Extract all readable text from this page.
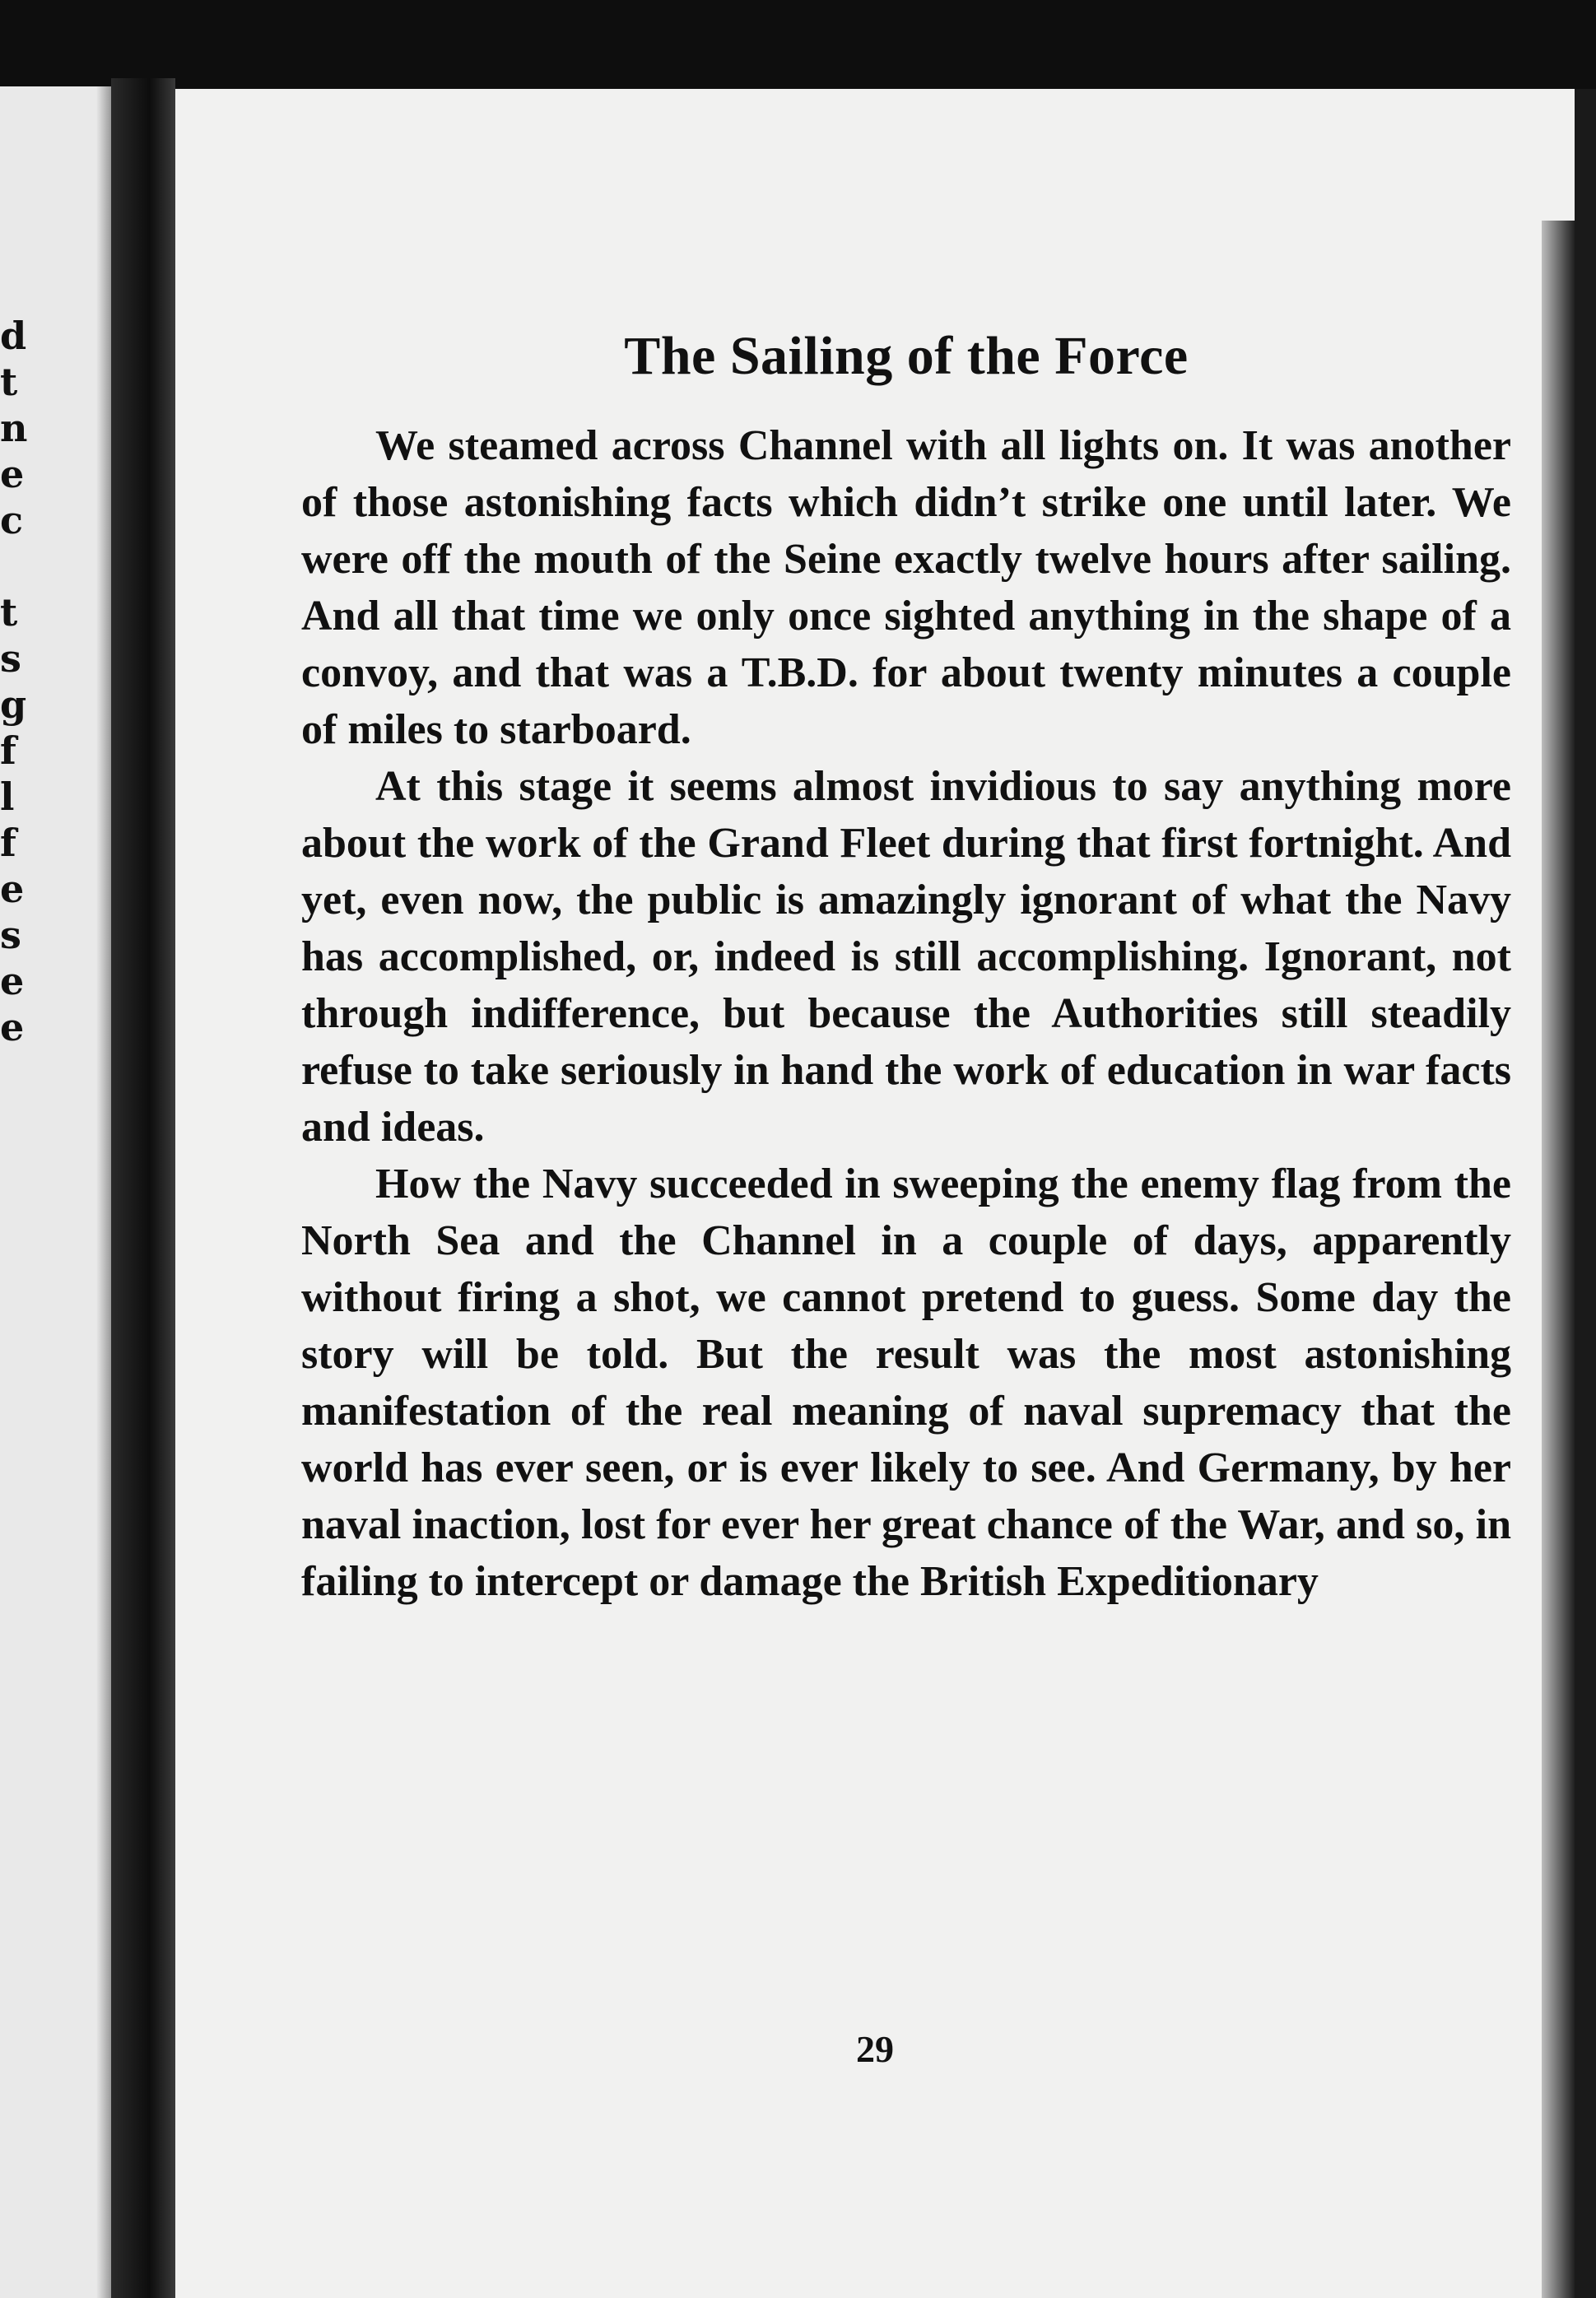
d
t
n
e
c
t
s
g
f
l
f
e
s
e
e
The Sailing of the Force

We steamed across Channel with all lights on. It was another of those astonishing facts which didn’t strike one until later. We were off the mouth of the Seine exactly twelve hours after sailing. And all that time we only once sighted anything in the shape of a convoy, and that was a T.B.D. for about twenty minutes a couple of miles to starboard.

At this stage it seems almost invidious to say anything more about the work of the Grand Fleet during that first fortnight. And yet, even now, the public is amazingly ignorant of what the Navy has accomplished, or, indeed is still accomplishing. Ignorant, not through indifference, but because the Authorities still steadily refuse to take seriously in hand the work of education in war facts and ideas.

How the Navy succeeded in sweeping the enemy flag from the North Sea and the Channel in a couple of days, apparently without firing a shot, we cannot pretend to guess. Some day the story will be told. But the result was the most astonishing manifestation of the real meaning of naval supremacy that the world has ever seen, or is ever likely to see. And Germany, by her naval inaction, lost for ever her great chance of the War, and so, in failing to intercept or damage the British Expeditionary

29
